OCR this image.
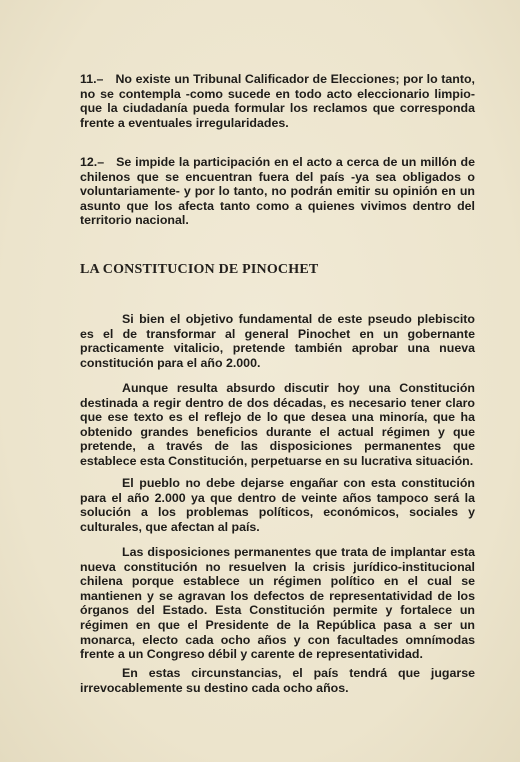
11.– No existe un Tribunal Calificador de Elecciones; por lo tanto, no se contempla -como sucede en todo acto eleccionario limpio- que la ciudadanía pueda formular los reclamos que corresponda frente a eventuales irregularidades.

12.– Se impide la participación en el acto a cerca de un millón de chilenos que se encuentran fuera del país -ya sea obligados o voluntariamente- y por lo tanto, no podrán emitir su opinión en un asunto que los afecta tanto como a quienes vivimos dentro del territorio nacional.

LA CONSTITUCION DE PINOCHET

Si bien el objetivo fundamental de este pseudo plebiscito es el de transformar al general Pinochet en un gobernante practicamente vitalicio, pretende también aprobar una nueva constitución para el año 2.000.

Aunque resulta absurdo discutir hoy una Constitución destinada a regir dentro de dos décadas, es necesario tener claro que ese texto es el reflejo de lo que desea una minoría, que ha obtenido grandes beneficios durante el actual régimen y que pretende, a través de las disposiciones permanentes que establece esta Constitución, perpetuarse en su lucrativa situación.

El pueblo no debe dejarse engañar con esta constitución para el año 2.000 ya que dentro de veinte años tampoco será la solución a los problemas políticos, económicos, sociales y culturales, que afectan al país.

Las disposiciones permanentes que trata de implantar esta nueva constitución no resuelven la crisis jurídico-institucional chilena porque establece un régimen político en el cual se mantienen y se agravan los defectos de representatividad de los órganos del Estado. Esta Constitución permite y fortalece un régimen en que el Presidente de la República pasa a ser un monarca, electo cada ocho años y con facultades omnímodas frente a un Congreso débil y carente de representatividad.

En estas circunstancias, el país tendrá que jugarse irrevocablemente su destino cada ocho años.
